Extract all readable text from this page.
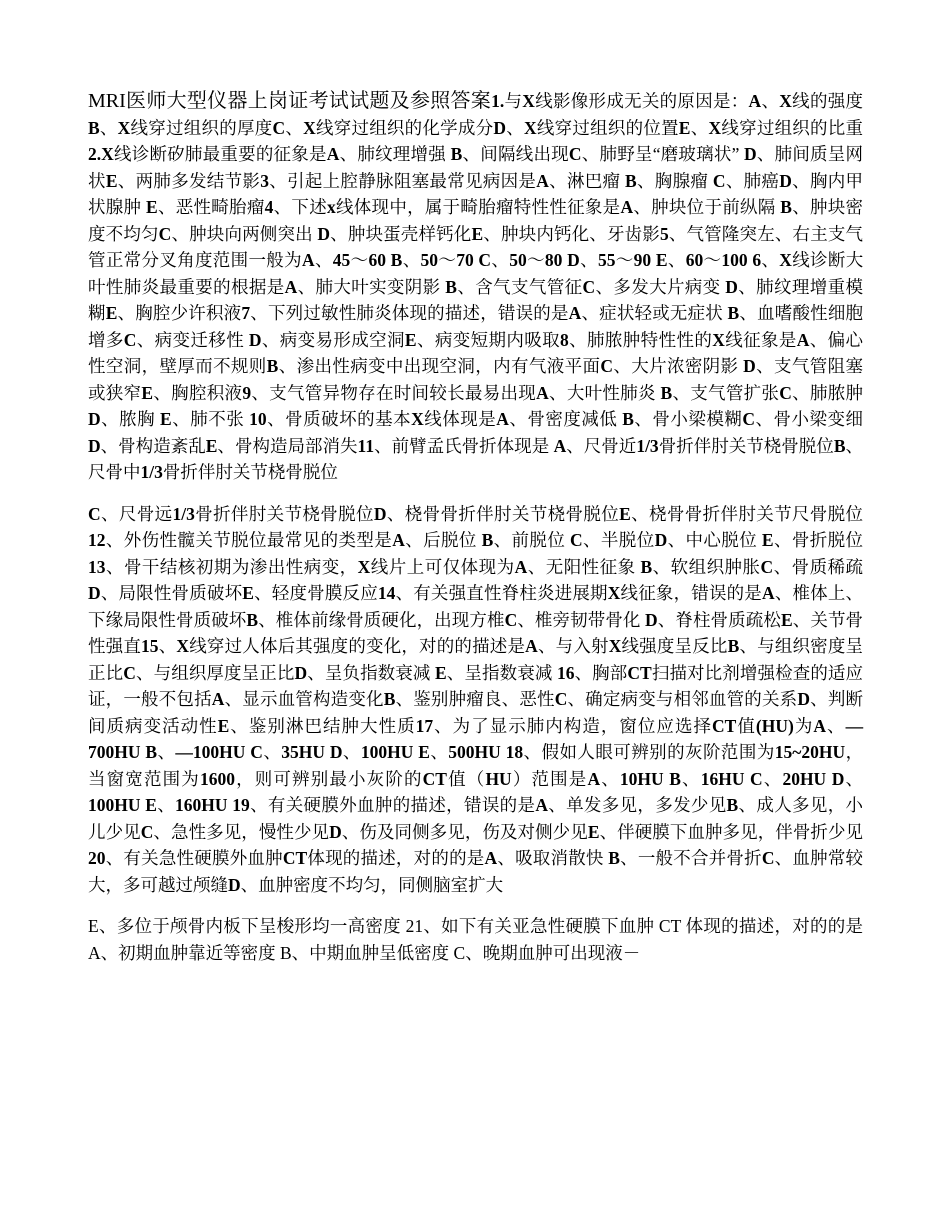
MRI医师大型仪器上岗证考试试题及参照答案1.与X线影像形成无关的原因是：A、X线的强度 B、X线穿过组织的厚度C、X线穿过组织的化学成分D、X线穿过组织的位置E、X线穿过组织的比重2.X线诊断矽肺最重要的征象是A、肺纹理增强 B、间隔线出现C、肺野呈“磨玻璃状” D、肺间质呈网状E、两肺多发结节影3、引起上腔静脉阻塞最常见病因是A、淋巴瘤 B、胸腺瘤 C、肺癌D、胸内甲状腺肿 E、恶性畸胎瘤4、下述x线体现中，属于畸胎瘤特性性征象是A、肿块位于前纵隔 B、肿块密度不均匀C、肿块向两侧突出 D、肿块蛋壳样钙化E、肿块内钙化、牙齿影5、气管隆突左、右主支气管正常分叉角度范围一般为A、45～60 B、50～70 C、50～80 D、55～90 E、60～100 6、X线诊断大叶性肺炎最重要的根据是A、肺大叶实变阴影 B、含气支气管征C、多发大片病变 D、肺纹理增重模糊E、胸腔少许积液7、下列过敏性肺炎体现的描述，错误的是A、症状轻或无症状 B、血嗜酸性细胞增多C、病变迁移性 D、病变易形成空洞E、病变短期内吸取8、肺脓肿特性性的X线征象是A、偏心性空洞，壁厚而不规则B、渗出性病变中出现空洞，内有气液平面C、大片浓密阴影 D、支气管阻塞或狭窄E、胸腔积液9、支气管异物存在时间较长最易出现A、大叶性肺炎 B、支气管扩张C、肺脓肿 D、脓胸 E、肺不张 10、骨质破坏的基本X线体现是A、骨密度减低 B、骨小梁模糊C、骨小梁变细 D、骨构造紊乱E、骨构造局部消失11、前臂孟氏骨折体现是 A、尺骨近1/3骨折伴肘关节桡骨脱位B、尺骨中1/3骨折伴肘关节桡骨脱位

C、尺骨远1/3骨折伴肘关节桡骨脱位D、桡骨骨折伴肘关节桡骨脱位E、桡骨骨折伴肘关节尺骨脱位12、外伤性髋关节脱位最常见的类型是A、后脱位 B、前脱位 C、半脱位D、中心脱位 E、骨折脱位13、骨干结核初期为渗出性病变，X线片上可仅体现为A、无阳性征象 B、软组织肿胀C、骨质稀疏 D、局限性骨质破坏E、轻度骨膜反应14、有关强直性脊柱炎进展期X线征象，错误的是A、椎体上、下缘局限性骨质破坏B、椎体前缘骨质硬化，出现方椎C、椎旁韧带骨化 D、脊柱骨质疏松E、关节骨性强直15、X线穿过人体后其强度的变化，对的的描述是A、与入射X线强度呈反比B、与组织密度呈正比C、与组织厚度呈正比D、呈负指数衰减 E、呈指数衰减 16、胸部CT扫描对比剂增强检查的适应证，一般不包括A、显示血管构造变化B、鉴别肿瘤良、恶性C、确定病变与相邻血管的关系D、判断间质病变活动性E、鉴别淋巴结肿大性质17、为了显示肺内构造，窗位应选择CT值(HU)为A、—700HU B、—100HU C、35HU D、100HU E、500HU 18、假如人眼可辨别的灰阶范围为15~20HU，当窗宽范围为1600，则可辨别最小灰阶的CT值（HU）范围是A、10HU B、16HU C、20HU D、100HU E、160HU 19、有关硬膜外血肿的描述，错误的是A、单发多见，多发少见B、成人多见，小儿少见C、急性多见，慢性少见D、伤及同侧多见，伤及对侧少见E、伴硬膜下血肿多见，伴骨折少见20、有关急性硬膜外血肿CT体现的描述，对的的是A、吸取消散快 B、一般不合并骨折C、血肿常较大，多可越过颅缝D、血肿密度不均匀，同侧脑室扩大

E、多位于颅骨内板下呈梭形均一高密度 21、如下有关亚急性硬膜下血肿 CT 体现的描述，对的的是 A、初期血肿靠近等密度 B、中期血肿呈低密度 C、晚期血肿可出现液－
